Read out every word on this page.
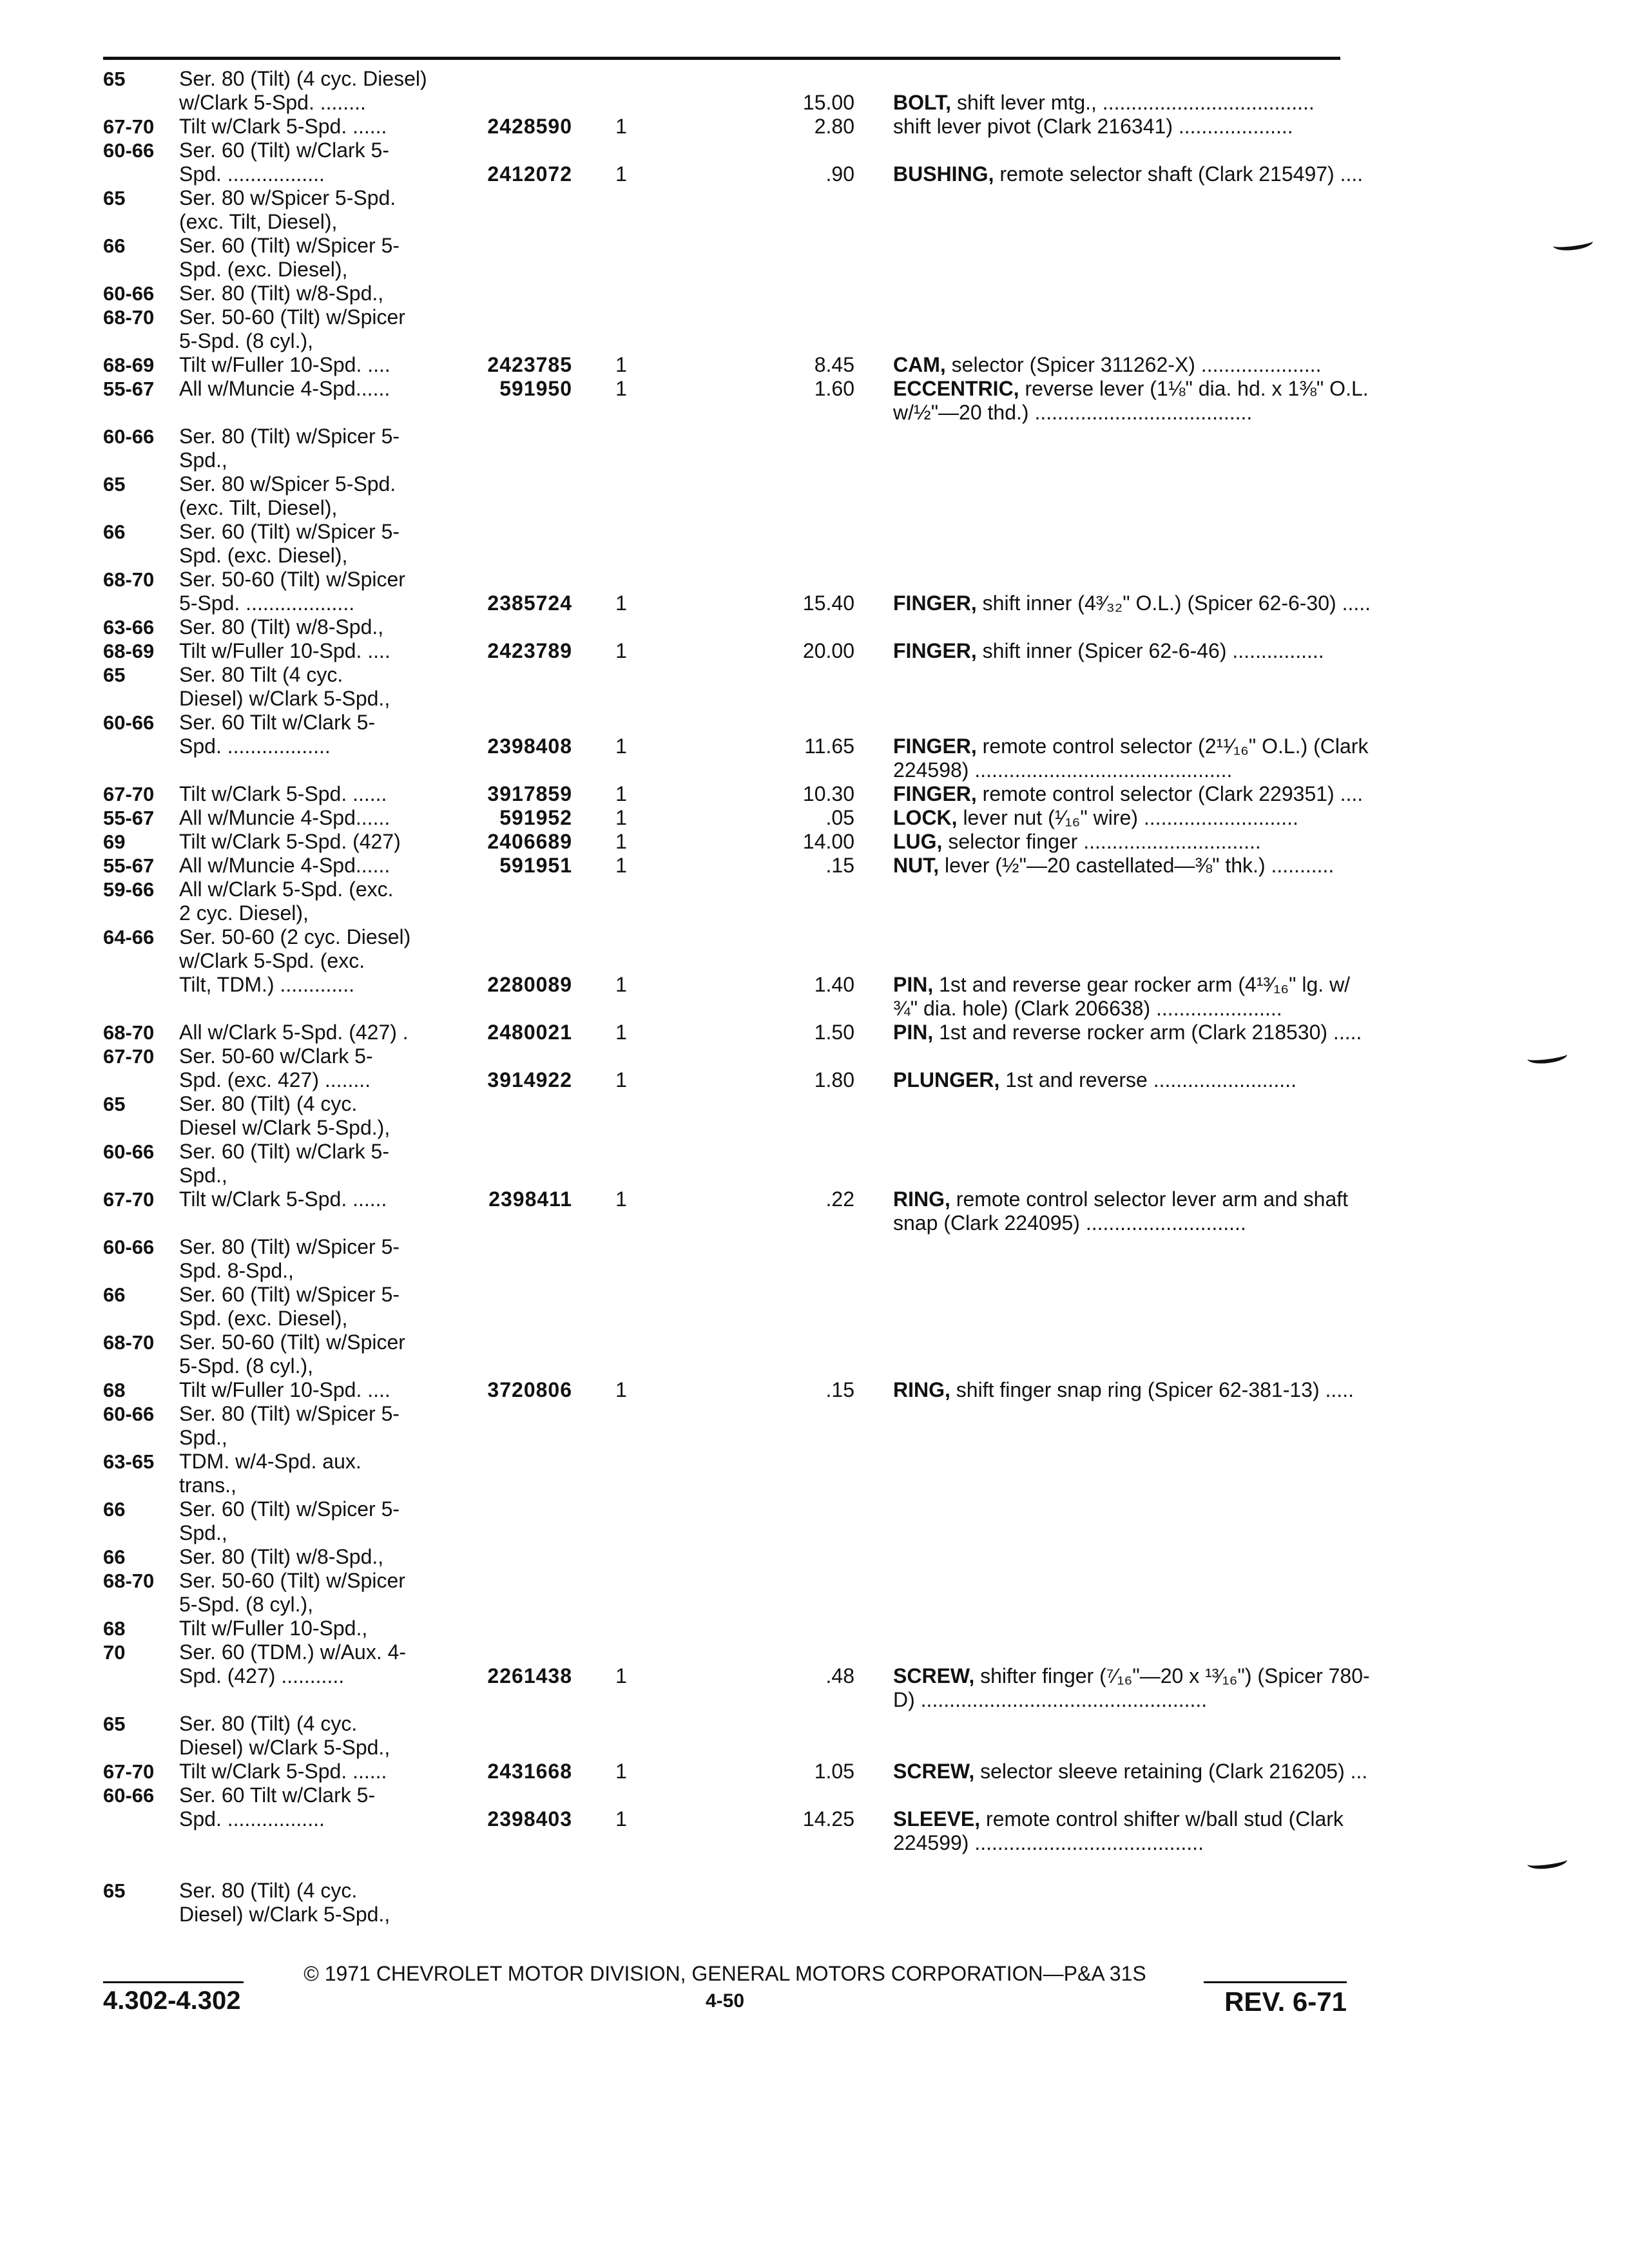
65	Ser. 80 (Tilt) (4 cyc. Diesel)
w/Clark 5-Spd. ........	15.00 BOLT, shift lever mtg., .....................................
67-70 Tilt w/Clark 5-Spd. ......	2428590	1	2.80 shift lever pivot (Clark 216341) ....................
60-66 Ser. 60 (Tilt) w/Clark 5-
Spd. .................	2412072	1	.90 BUSHING, remote selector shaft (Clark 215497) ....
65	Ser. 80 w/Spicer 5-Spd.
(exc. Tilt, Diesel),
66	Ser. 60 (Tilt) w/Spicer 5-
Spd. (exc. Diesel),
60-66 Ser. 80 (Tilt) w/8-Spd.,
68-70 Ser. 50-60 (Tilt) w/Spicer
5-Spd. (8 cyl.),
68-69 Tilt w/Fuller 10-Spd. ....	2423785	1	8.45 CAM, selector (Spicer 311262-X) .....................
55-67 All w/Muncie 4-Spd......	591950	1	1.60 ECCENTRIC, reverse lever (1⅛" dia. hd. x 1⅜" O.L.
w/½"—20 thd.) ......................................
60-66 Ser. 80 (Tilt) w/Spicer 5-
Spd.,
65	Ser. 80 w/Spicer 5-Spd.
(exc. Tilt, Diesel),
66	Ser. 60 (Tilt) w/Spicer 5-
Spd. (exc. Diesel),
68-70 Ser. 50-60 (Tilt) w/Spicer
5-Spd. ...................	2385724	1	15.40 FINGER, shift inner (4³⁄₃₂" O.L.) (Spicer 62-6-30) .....
63-66 Ser. 80 (Tilt) w/8-Spd.,
68-69 Tilt w/Fuller 10-Spd. ....	2423789	1	20.00 FINGER, shift inner (Spicer 62-6-46) ................
65	Ser. 80 Tilt (4 cyc.
Diesel) w/Clark 5-Spd.,
60-66 Ser. 60 Tilt w/Clark 5-
Spd. ..................	2398408	1	11.65 FINGER, remote control selector (2¹¹⁄₁₆" O.L.) (Clark
224598) .............................................
67-70 Tilt w/Clark 5-Spd. ......	3917859	1	10.30 FINGER, remote control selector (Clark 229351) ....
55-67 All w/Muncie 4-Spd......	591952	1	.05 LOCK, lever nut (¹⁄₁₆" wire) ...........................
69	Tilt w/Clark 5-Spd. (427)	2406689	1	14.00 LUG, selector finger ...............................
55-67 All w/Muncie 4-Spd......	591951	1	.15 NUT, lever (½"—20 castellated—⅜" thk.) ...........
59-66 All w/Clark 5-Spd. (exc.
2 cyc. Diesel),
64-66 Ser. 50-60 (2 cyc. Diesel)
w/Clark 5-Spd. (exc.
Tilt, TDM.) .............	2280089	1	1.40 PIN, 1st and reverse gear rocker arm (4¹³⁄₁₆" lg. w/
¾" dia. hole) (Clark 206638) ......................
68-70 All w/Clark 5-Spd. (427) .	2480021	1	1.50 PIN, 1st and reverse rocker arm (Clark 218530) .....
67-70 Ser. 50-60 w/Clark 5-
Spd. (exc. 427) ........	3914922	1	1.80 PLUNGER, 1st and reverse .........................
65	Ser. 80 (Tilt) (4 cyc.
Diesel w/Clark 5-Spd.),
60-66 Ser. 60 (Tilt) w/Clark 5-
Spd.,
67-70 Tilt w/Clark 5-Spd. ......	2398411	1	.22 RING, remote control selector lever arm and shaft
snap (Clark 224095) ............................
60-66 Ser. 80 (Tilt) w/Spicer 5-
Spd. 8-Spd.,
66	Ser. 60 (Tilt) w/Spicer 5-
Spd. (exc. Diesel),
68-70 Ser. 50-60 (Tilt) w/Spicer
5-Spd. (8 cyl.),
68	Tilt w/Fuller 10-Spd. ....	3720806	1	.15 RING, shift finger snap ring (Spicer 62-381-13) .....
60-66 Ser. 80 (Tilt) w/Spicer 5-
Spd.,
63-65 TDM. w/4-Spd. aux.
trans.,
66	Ser. 60 (Tilt) w/Spicer 5-
Spd.,
66	Ser. 80 (Tilt) w/8-Spd.,
68-70 Ser. 50-60 (Tilt) w/Spicer
5-Spd. (8 cyl.),
68	Tilt w/Fuller 10-Spd.,
70	Ser. 60 (TDM.) w/Aux. 4-
Spd. (427) ...........	2261438	1	.48 SCREW, shifter finger (⁷⁄₁₆"—20 x ¹³⁄₁₆") (Spicer 780-
D) ..................................................
65	Ser. 80 (Tilt) (4 cyc.
Diesel) w/Clark 5-Spd.,
67-70 Tilt w/Clark 5-Spd. ......	2431668	1	1.05 SCREW, selector sleeve retaining (Clark 216205) ...
60-66 Ser. 60 Tilt w/Clark 5-
Spd. .................	2398403	1	14.25 SLEEVE, remote control shifter w/ball stud (Clark
224599) ........................................
65	Ser. 80 (Tilt) (4 cyc.
Diesel) w/Clark 5-Spd.,
© 1971 CHEVROLET MOTOR DIVISION, GENERAL MOTORS CORPORATION—P&A 31S
4.302-4.302	4-50	REV. 6-71
